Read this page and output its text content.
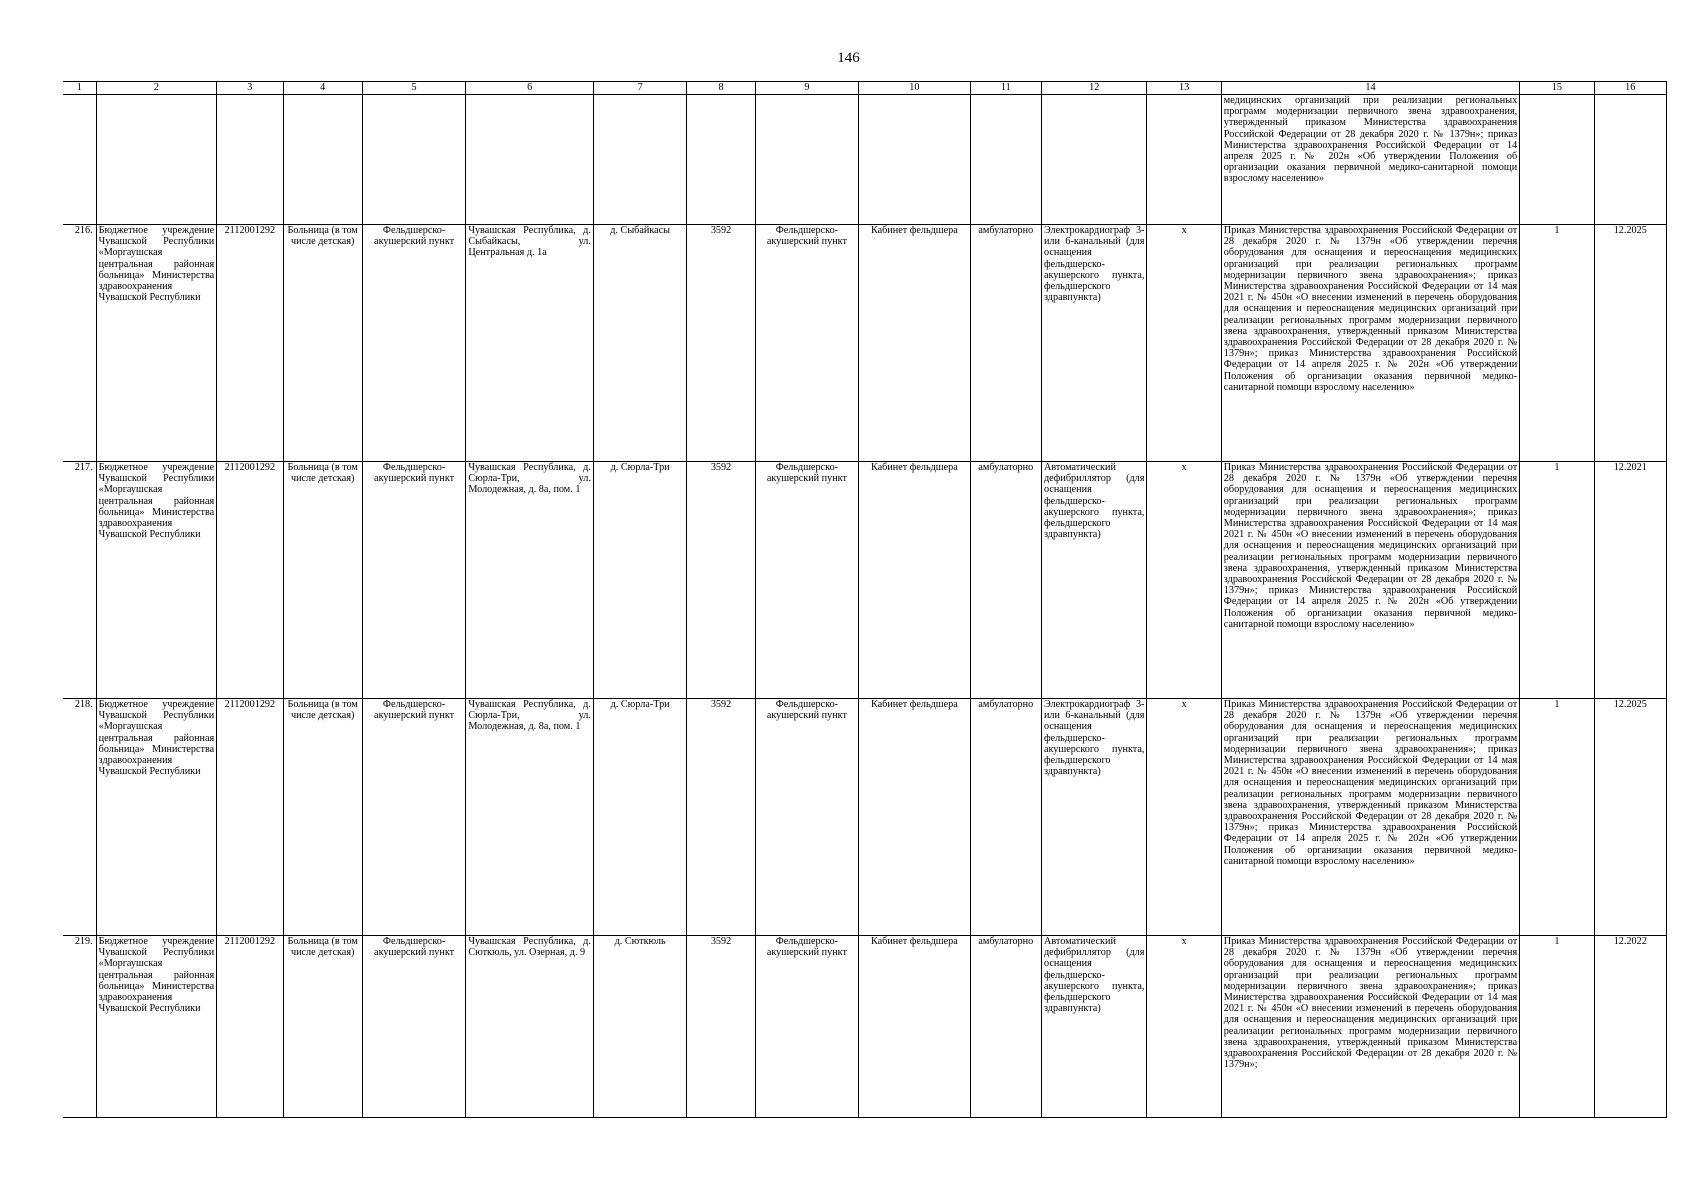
146
1	2	3	4	5	6	7	8	9	10	11	12	13	14	15	16
													медицинских организаций при реализации региональных программ модернизации первичного звена здравоохранения, утвержденный приказом Министерства здравоохранения Российской Федерации от 28 декабря 2020 г. № 1379н»; приказ Министерства здравоохранения Российской Федерации от 14 апреля 2025 г. № 202н «Об утверждении Положения об организации оказания первичной медико-санитарной помощи взрослому населению»		
216.	Бюджетное учреждение Чувашской Республики «Моргаушская центральная районная больница» Министерства здравоохранения Чувашской Республики	2112001292	Больница (в том числе детская)	Фельдшерско-акушерский пункт	Чувашская Республика, д. Сыбайкасы, ул. Центральная д. 1а	д. Сыбайкасы	3592	Фельдшерско-акушерский пункт	Кабинет фельдшера	амбулаторно	Электрокардиограф 3- или 6-канальный (для оснащения фельдшерско-акушерского пункта, фельдшерского здравпункта)	х	Приказ Министерства здравоохранения Российской Федерации от 28 декабря 2020 г. № 1379н «Об утверждении перечня оборудования для оснащения и переоснащения медицинских организаций при реализации региональных программ модернизации первичного звена здравоохранения»; приказ Министерства здравоохранения Российской Федерации от 14 мая 2021 г. № 450н «О внесении изменений в перечень оборудования для оснащения и переоснащения медицинских организаций при реализации региональных программ модернизации первичного звена здравоохранения, утвержденный приказом Министерства здравоохранения Российской Федерации от 28 декабря 2020 г. № 1379н»; приказ Министерства здравоохранения Российской Федерации от 14 апреля 2025 г. № 202н «Об утверждении Положения об организации оказания первичной медико-санитарной помощи взрослому населению»	1	12.2025
217.	Бюджетное учреждение Чувашской Республики «Моргаушская центральная районная больница» Министерства здравоохранения Чувашской Республики	2112001292	Больница (в том числе детская)	Фельдшерско-акушерский пункт	Чувашская Республика, д. Сюрла-Три, ул. Молодежная, д. 8а, пом. 1	д. Сюрла-Три	3592	Фельдшерско-акушерский пункт	Кабинет фельдшера	амбулаторно	Автоматический дефибриллятор (для оснащения фельдшерско-акушерского пункта, фельдшерского здравпункта)	х	Приказ Министерства здравоохранения Российской Федерации от 28 декабря 2020 г. № 1379н «Об утверждении перечня оборудования для оснащения и переоснащения медицинских организаций при реализации региональных программ модернизации первичного звена здравоохранения»; приказ Министерства здравоохранения Российской Федерации от 14 мая 2021 г. № 450н «О внесении изменений в перечень оборудования для оснащения и переоснащения медицинских организаций при реализации региональных программ модернизации первичного звена здравоохранения, утвержденный приказом Министерства здравоохранения Российской Федерации от 28 декабря 2020 г. № 1379н»; приказ Министерства здравоохранения Российской Федерации от 14 апреля 2025 г. № 202н «Об утверждении Положения об организации оказания первичной медико-санитарной помощи взрослому населению»	1	12.2021
218.	Бюджетное учреждение Чувашской Республики «Моргаушская центральная районная больница» Министерства здравоохранения Чувашской Республики	2112001292	Больница (в том числе детская)	Фельдшерско-акушерский пункт	Чувашская Республика, д. Сюрла-Три, ул. Молодежная, д. 8а, пом. 1	д. Сюрла-Три	3592	Фельдшерско-акушерский пункт	Кабинет фельдшера	амбулаторно	Электрокардиограф 3- или 6-канальный (для оснащения фельдшерско-акушерского пункта, фельдшерского здравпункта)	х	Приказ Министерства здравоохранения Российской Федерации от 28 декабря 2020 г. № 1379н «Об утверждении перечня оборудования для оснащения и переоснащения медицинских организаций при реализации региональных программ модернизации первичного звена здравоохранения»; приказ Министерства здравоохранения Российской Федерации от 14 мая 2021 г. № 450н «О внесении изменений в перечень оборудования для оснащения и переоснащения медицинских организаций при реализации региональных программ модернизации первичного звена здравоохранения, утвержденный приказом Министерства здравоохранения Российской Федерации от 28 декабря 2020 г. № 1379н»; приказ Министерства здравоохранения Российской Федерации от 14 апреля 2025 г. № 202н «Об утверждении Положения об организации оказания первичной медико-санитарной помощи взрослому населению»	1	12.2025
219.	Бюджетное учреждение Чувашской Республики «Моргаушская центральная районная больница» Министерства здравоохранения Чувашской Республики	2112001292	Больница (в том числе детская)	Фельдшерско-акушерский пункт	Чувашская Республика, д. Сюткюль, ул. Озерная, д. 9	д. Сюткюль	3592	Фельдшерско-акушерский пункт	Кабинет фельдшера	амбулаторно	Автоматический дефибриллятор (для оснащения фельдшерско-акушерского пункта, фельдшерского здравпункта)	х	Приказ Министерства здравоохранения Российской Федерации от 28 декабря 2020 г. № 1379н «Об утверждении перечня оборудования для оснащения и переоснащения медицинских организаций при реализации региональных программ модернизации первичного звена здравоохранения»; приказ Министерства здравоохранения Российской Федерации от 14 мая 2021 г. № 450н «О внесении изменений в перечень оборудования для оснащения и переоснащения медицинских организаций при реализации региональных программ модернизации первичного звена здравоохранения, утвержденный приказом Министерства здравоохранения Российской Федерации от 28 декабря 2020 г. № 1379н»;	1	12.2022
